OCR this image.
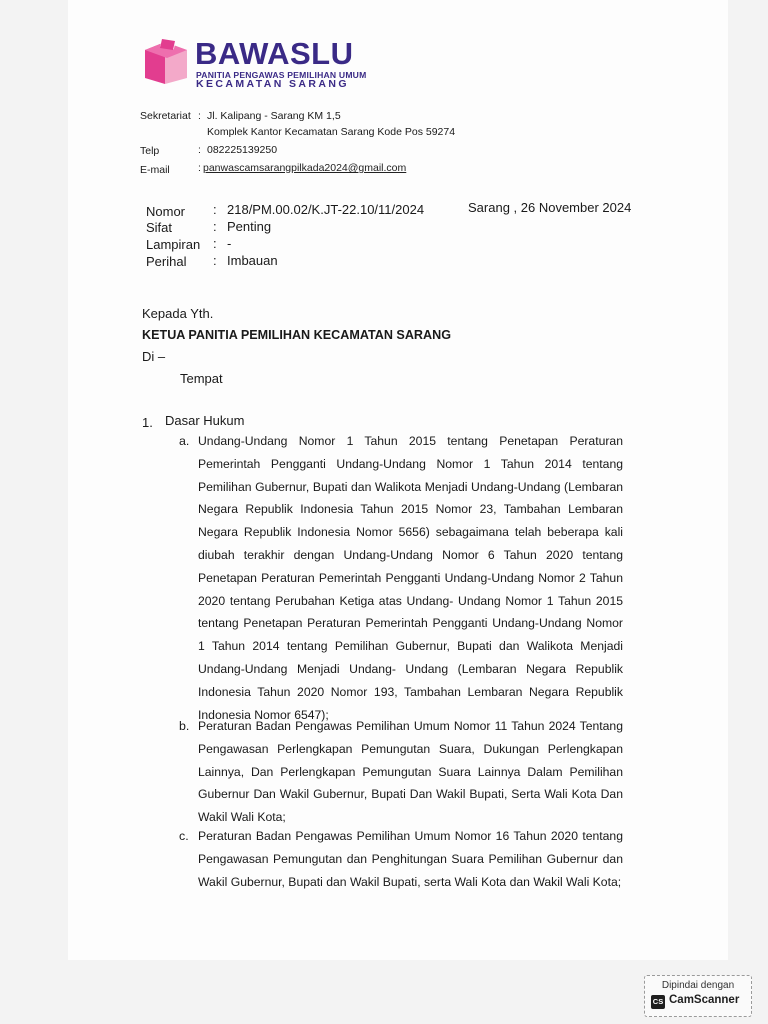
BAWASLU
PANITIA PENGAWAS PEMILIHAN UMUM
KECAMATAN SARANG
Sekretariat : Jl. Kalipang - Sarang KM 1,5
Komplek Kantor Kecamatan Sarang Kode Pos 59274
Telp	: 082225139250
E-mail	: panwascamsarangpilkada2024@gmail.com
Nomor : 218/PM.00.02/K.JT-22.10/11/2024	Sarang , 26 November 2024
Sifat	: Penting
Lampiran : -
Perihal : Imbauan
Kepada Yth.
KETUA PANITIA PEMILIHAN KECAMATAN SARANG
Di –
Tempat
1. Dasar Hukum
a. Undang-Undang Nomor 1 Tahun 2015 tentang Penetapan Peraturan Pemerintah Pengganti Undang-Undang Nomor 1 Tahun 2014 tentang Pemilihan Gubernur, Bupati dan Walikota Menjadi Undang-Undang (Lembaran Negara Republik Indonesia Tahun 2015 Nomor 23, Tambahan Lembaran Negara Republik Indonesia Nomor 5656) sebagaimana telah beberapa kali diubah terakhir dengan Undang-Undang Nomor 6 Tahun 2020 tentang Penetapan Peraturan Pemerintah Pengganti Undang-Undang Nomor 2 Tahun 2020 tentang Perubahan Ketiga atas Undang- Undang Nomor 1 Tahun 2015 tentang Penetapan Peraturan Pemerintah Pengganti Undang-Undang Nomor 1 Tahun 2014 tentang Pemilihan Gubernur, Bupati dan Walikota Menjadi Undang-Undang Menjadi Undang- Undang (Lembaran Negara Republik Indonesia Tahun 2020 Nomor 193, Tambahan Lembaran Negara Republik Indonesia Nomor 6547);
b. Peraturan Badan Pengawas Pemilihan Umum Nomor 11 Tahun 2024 Tentang Pengawasan Perlengkapan Pemungutan Suara, Dukungan Perlengkapan Lainnya, Dan Perlengkapan Pemungutan Suara Lainnya Dalam Pemilihan Gubernur Dan Wakil Gubernur, Bupati Dan Wakil Bupati, Serta Wali Kota Dan Wakil Wali Kota;
c. Peraturan Badan Pengawas Pemilihan Umum Nomor 16 Tahun 2020 tentang Pengawasan Pemungutan dan Penghitungan Suara Pemilihan Gubernur dan Wakil Gubernur, Bupati dan Wakil Bupati, serta Wali Kota dan Wakil Wali Kota;
Dipindai dengan
CS CamScanner
